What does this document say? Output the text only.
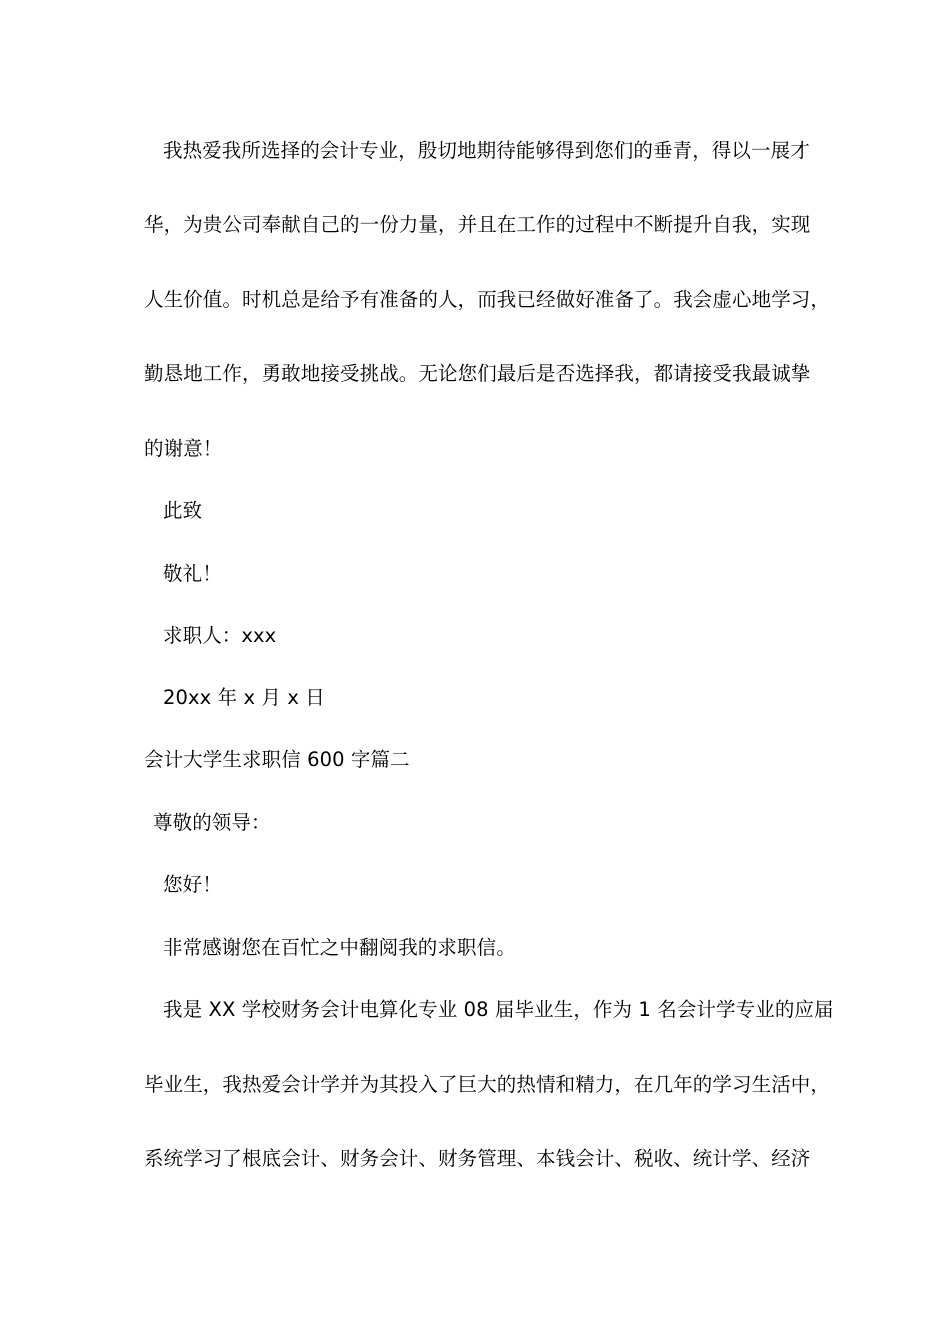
我热爱我所选择的会计专业，殷切地期待能够得到您们的垂青，得以一展才
华，为贵公司奉献自己的一份力量，并且在工作的过程中不断提升自我，实现
人生价值。时机总是给予有准备的人，而我已经做好准备了。我会虚心地学习，
勤恳地工作，勇敢地接受挑战。无论您们最后是否选择我，都请接受我最诚挚
的谢意！
此致
敬礼！
求职人：xxx
20xx 年 x 月 x 日
会计大学生求职信 600 字篇二
尊敬的领导：
您好！
非常感谢您在百忙之中翻阅我的求职信。
我是 XX 学校财务会计电算化专业 08 届毕业生，作为 1 名会计学专业的应届
毕业生，我热爱会计学并为其投入了巨大的热情和精力，在几年的学习生活中，
系统学习了根底会计、财务会计、财务管理、本钱会计、税收、统计学、经济
